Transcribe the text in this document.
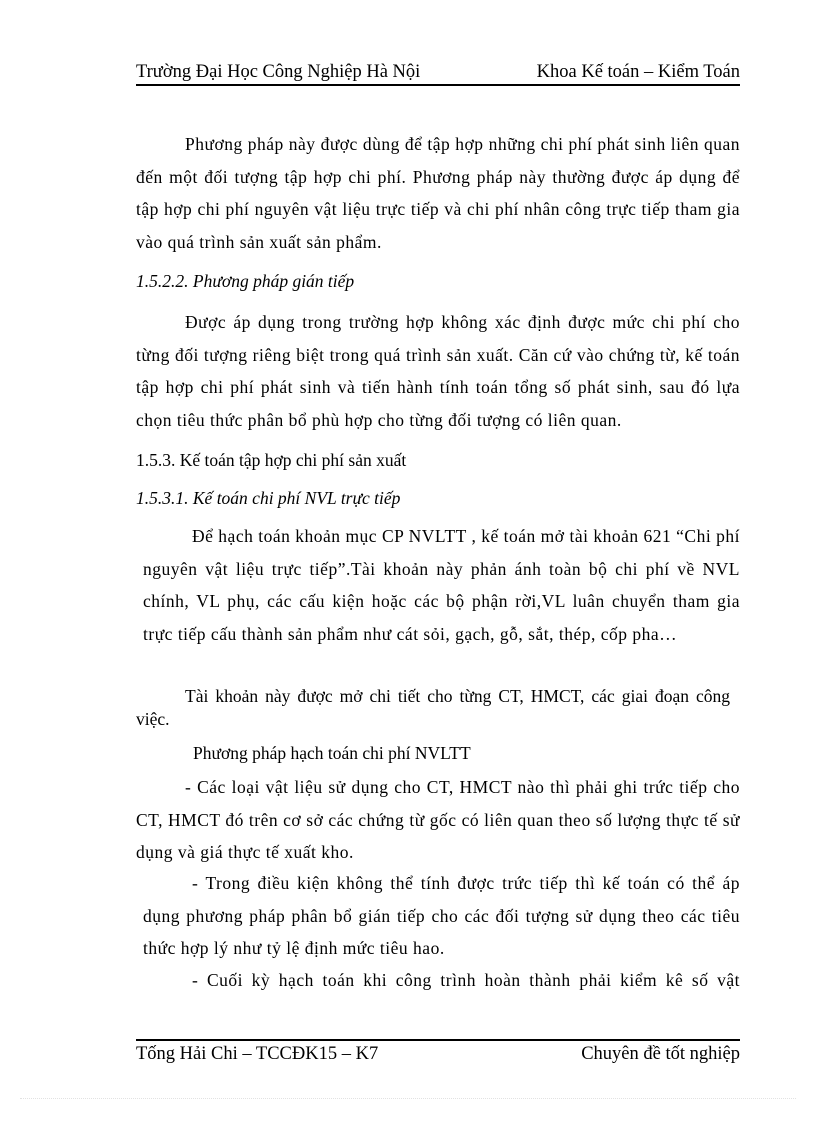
Trường Đại Học Công Nghiệp Hà Nội	Khoa Kế toán – Kiểm Toán

Phương pháp này được dùng để tập hợp những chi phí phát sinh liên quan đến một đối tượng tập hợp chi phí. Phương pháp này thường được áp dụng để tập hợp chi phí nguyên vật liệu trực tiếp và chi phí nhân công trực tiếp tham gia vào quá trình sản xuất sản phẩm.

1.5.2.2. Phương pháp gián tiếp

Được áp dụng trong trường hợp không xác định được mức chi phí cho từng đối tượng riêng biệt trong quá trình sản xuất. Căn cứ vào chứng từ, kế toán tập hợp chi phí phát sinh và tiến hành tính toán tổng số phát sinh, sau đó lựa chọn tiêu thức phân bổ phù hợp cho từng đối tượng có liên quan.

1.5.3. Kế toán tập hợp chi phí sản xuất

1.5.3.1. Kế toán chi phí NVL trực tiếp

Để hạch toán khoản mục CP NVLTT , kế toán mở tài khoản 621 “Chi phí nguyên vật liệu trực tiếp”.Tài khoản này phản ánh toàn bộ chi phí về NVL chính, VL phụ, các cấu kiện hoặc các bộ phận rời,VL luân chuyển tham gia trực tiếp cấu thành sản phẩm như cát sỏi, gạch, gỗ, sắt, thép, cốp pha…

Tài khoản này được mở chi tiết cho từng CT, HMCT, các giai đoạn công việc.

Phương pháp hạch toán chi phí NVLTT

- Các loại vật liệu sử dụng cho CT, HMCT nào thì phải ghi trức tiếp cho CT, HMCT đó trên cơ sở các chứng từ gốc có liên quan theo số lượng thực tế sử dụng và giá thực tế xuất kho.

- Trong điều kiện không thể tính được trức tiếp thì kế toán có thể áp dụng phương pháp phân bổ gián tiếp cho các đối tượng sử dụng theo các tiêu thức hợp lý như tỷ lệ định mức tiêu hao.

- Cuối kỳ hạch toán khi công trình hoàn thành phải kiểm kê số vật

Tống Hải Chi – TCCĐK15 – K7	Chuyên đề tốt nghiệp
